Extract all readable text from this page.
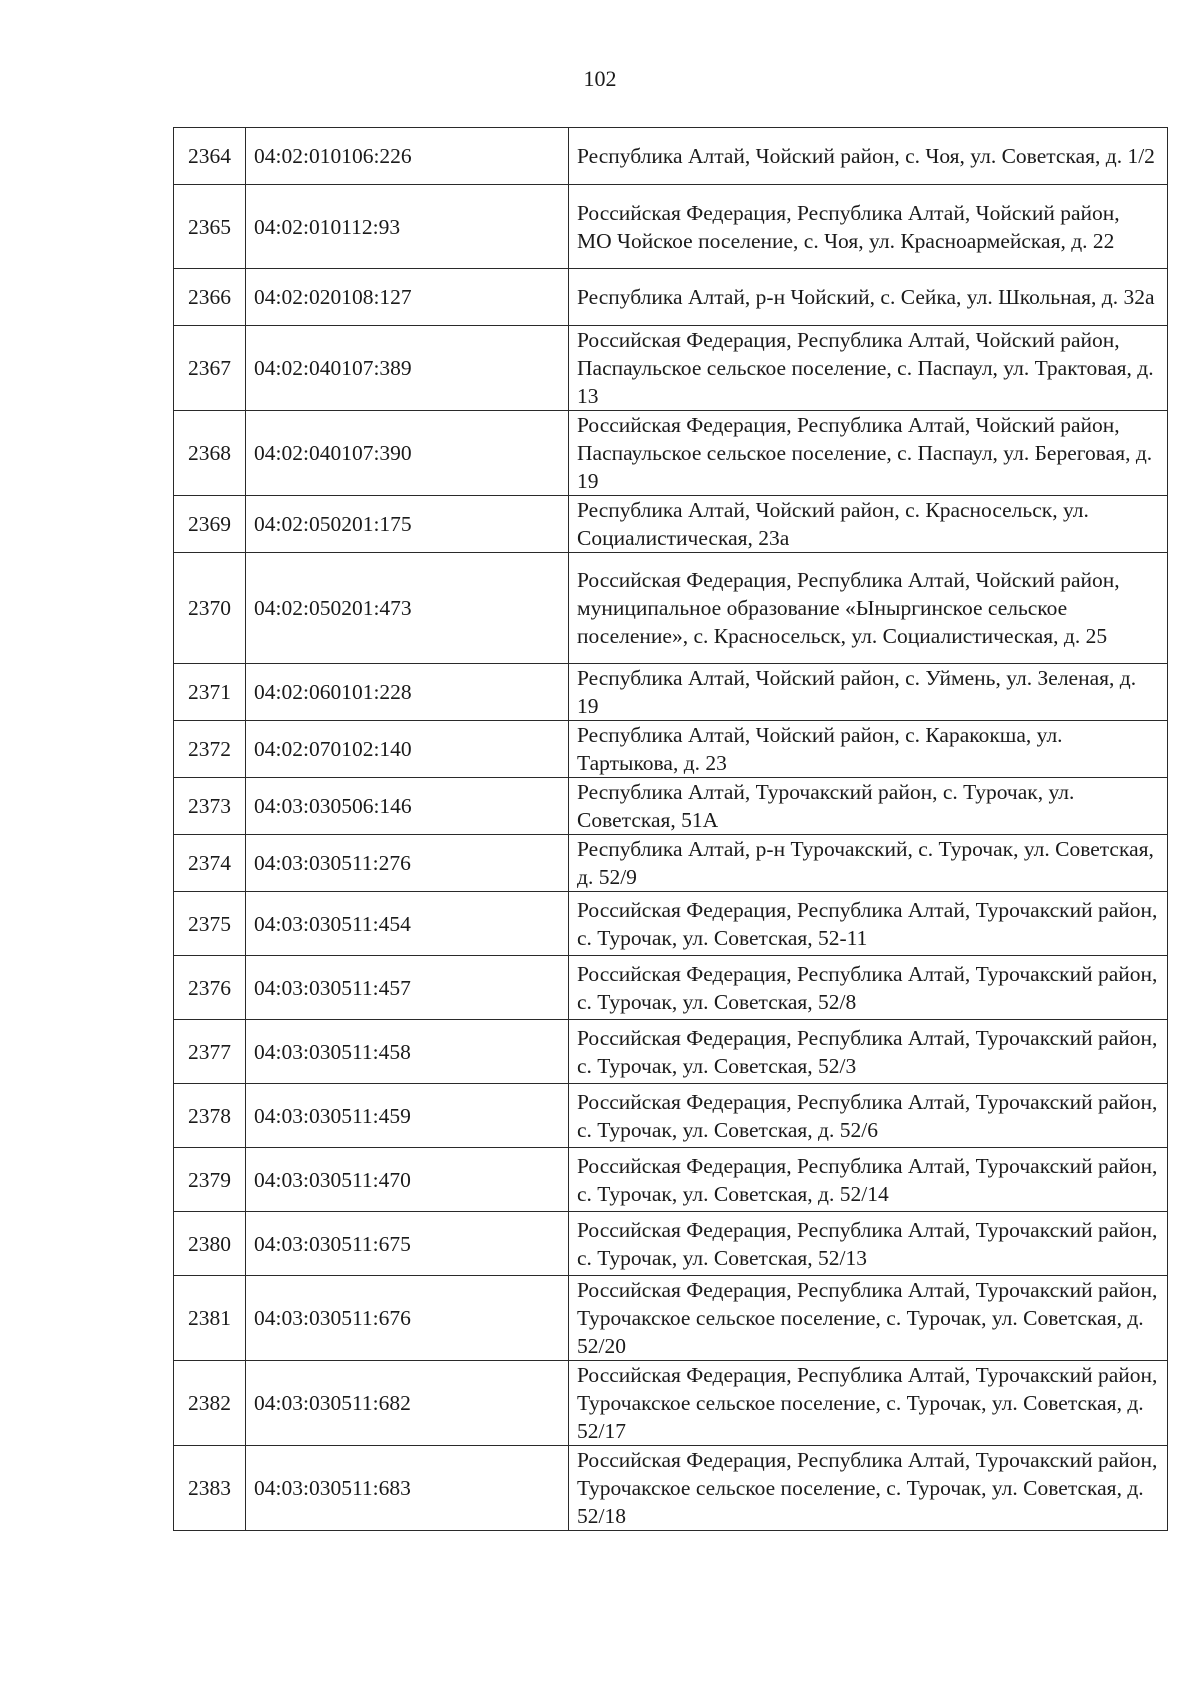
102
2364	04:02:010106:226	Республика Алтай, Чойский район, с. Чоя, ул. Советская, д. 1/2
2365	04:02:010112:93	Российская Федерация, Республика Алтай, Чойский район, МО Чойское поселение, с. Чоя, ул. Красноармейская, д. 22
2366	04:02:020108:127	Республика Алтай, р-н Чойский, с. Сейка, ул. Школьная, д. 32а
2367	04:02:040107:389	Российская Федерация, Республика Алтай, Чойский район, Паспаульское сельское поселение, с. Паспаул, ул. Трактовая, д. 13
2368	04:02:040107:390	Российская Федерация, Республика Алтай, Чойский район, Паспаульское сельское поселение, с. Паспаул, ул. Береговая, д. 19
2369	04:02:050201:175	Республика Алтай, Чойский район, с. Красносельск, ул. Социалистическая, 23а
2370	04:02:050201:473	Российская Федерация, Республика Алтай, Чойский район, муниципальное образование «Ыныргинское сельское поселение», с. Красносельск, ул. Социалистическая, д. 25
2371	04:02:060101:228	Республика Алтай, Чойский район, с. Уймень, ул. Зеленая, д. 19
2372	04:02:070102:140	Республика Алтай, Чойский район, с. Каракокша, ул. Тартыкова, д. 23
2373	04:03:030506:146	Республика Алтай, Турочакский район, с. Турочак, ул. Советская, 51А
2374	04:03:030511:276	Республика Алтай, р-н Турочакский, с. Турочак, ул. Советская, д. 52/9
2375	04:03:030511:454	Российская Федерация, Республика Алтай, Турочакский район, с. Турочак, ул. Советская, 52-11
2376	04:03:030511:457	Российская Федерация, Республика Алтай, Турочакский район, с. Турочак, ул. Советская, 52/8
2377	04:03:030511:458	Российская Федерация, Республика Алтай, Турочакский район, с. Турочак, ул. Советская, 52/3
2378	04:03:030511:459	Российская Федерация, Республика Алтай, Турочакский район, с. Турочак, ул. Советская, д. 52/6
2379	04:03:030511:470	Российская Федерация, Республика Алтай, Турочакский район, с. Турочак, ул. Советская, д. 52/14
2380	04:03:030511:675	Российская Федерация, Республика Алтай, Турочакский район, с. Турочак, ул. Советская, 52/13
2381	04:03:030511:676	Российская Федерация, Республика Алтай, Турочакский район, Турочакское сельское поселение, с. Турочак, ул. Советская, д. 52/20
2382	04:03:030511:682	Российская Федерация, Республика Алтай, Турочакский район, Турочакское сельское поселение, с. Турочак, ул. Советская, д. 52/17
2383	04:03:030511:683	Российская Федерация, Республика Алтай, Турочакский район, Турочакское сельское поселение, с. Турочак, ул. Советская, д. 52/18
